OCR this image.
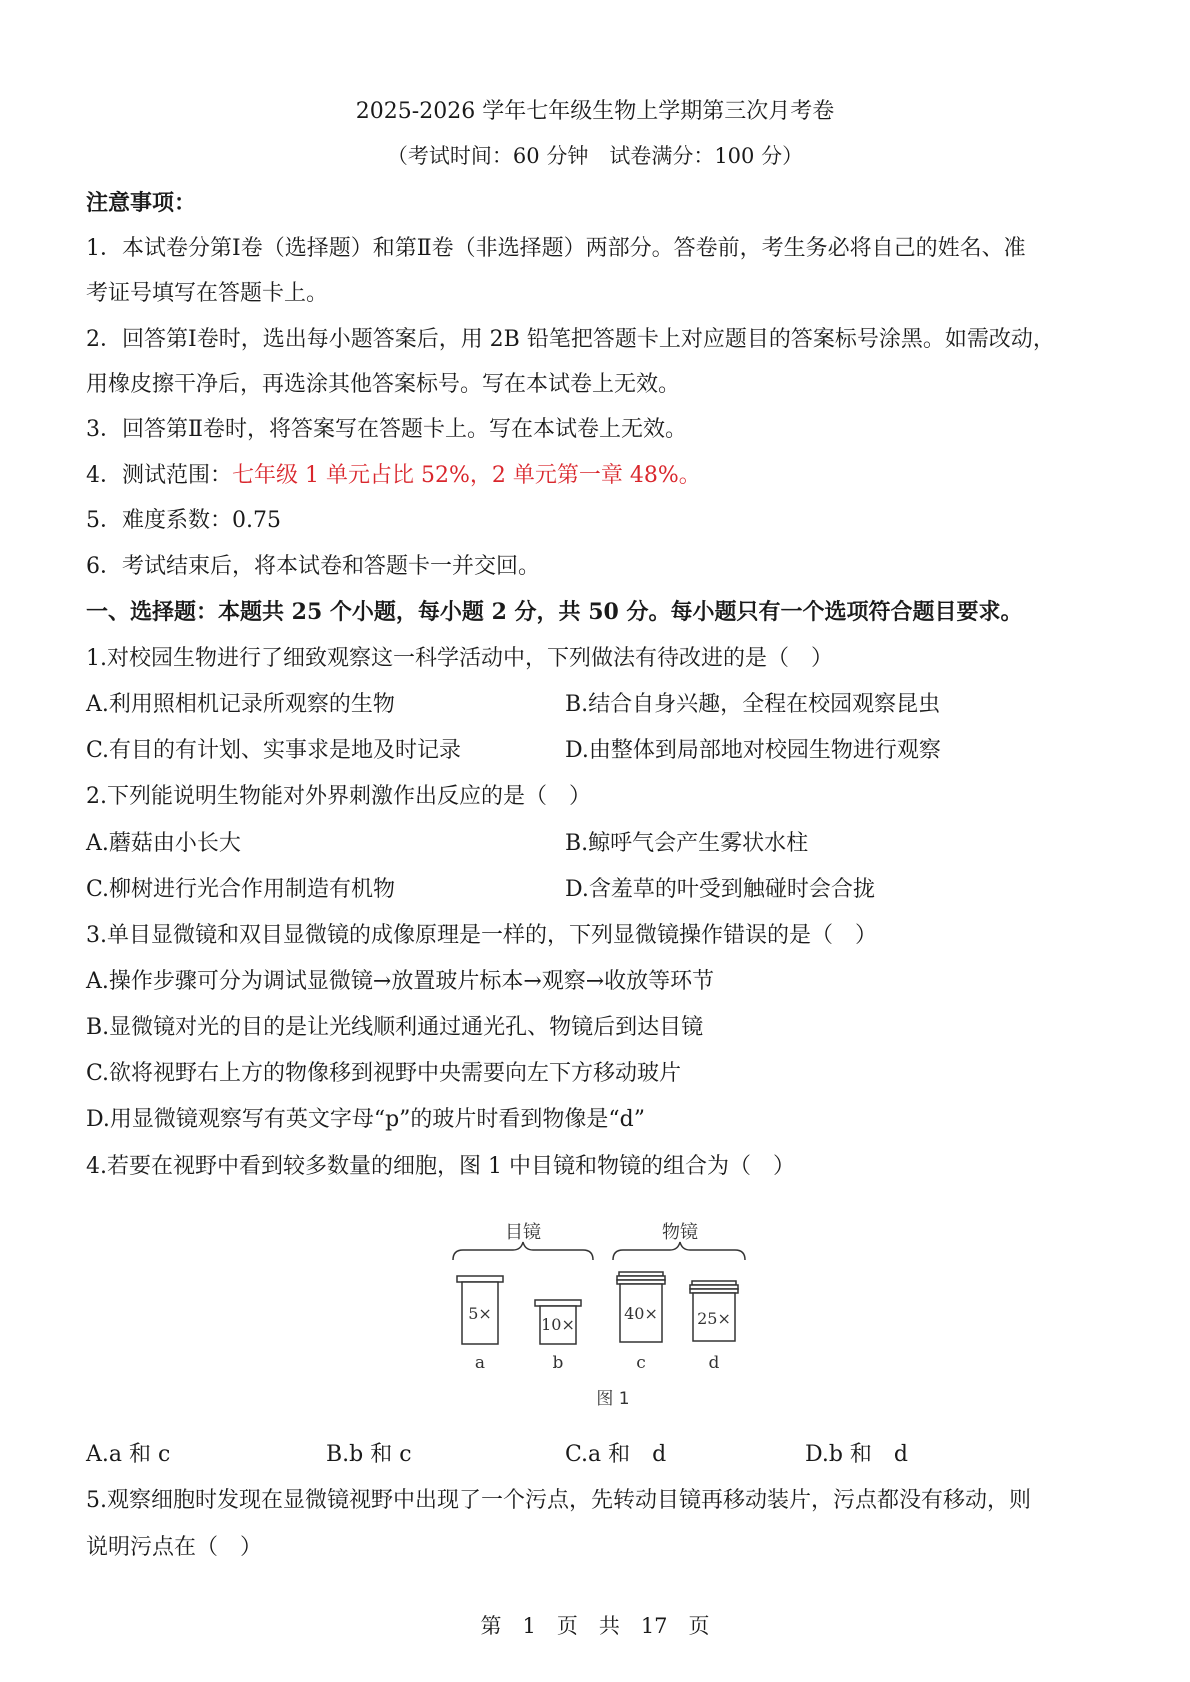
2025-2026 学年七年级生物上学期第三次月考卷
（考试时间：60 分钟　试卷满分：100 分）
注意事项：
1．本试卷分第Ⅰ卷（选择题）和第Ⅱ卷（非选择题）两部分。答卷前，考生务必将自己的姓名、准
考证号填写在答题卡上。
2．回答第Ⅰ卷时，选出每小题答案后，用 2B 铅笔把答题卡上对应题目的答案标号涂黑。如需改动，
用橡皮擦干净后，再选涂其他答案标号。写在本试卷上无效。
3．回答第Ⅱ卷时，将答案写在答题卡上。写在本试卷上无效。
4．测试范围：七年级 1 单元占比 52%，2 单元第一章 48%。
5．难度系数：0.75
6．考试结束后，将本试卷和答题卡一并交回。
一、选择题：本题共 25 个小题，每小题 2 分，共 50 分。每小题只有一个选项符合题目要求。
1.对校园生物进行了细致观察这一科学活动中，下列做法有待改进的是（　）
A.利用照相机记录所观察的生物	B.结合自身兴趣，全程在校园观察昆虫
C.有目的有计划、实事求是地及时记录	D.由整体到局部地对校园生物进行观察
2.下列能说明生物能对外界刺激作出反应的是（　）
A.蘑菇由小长大	B.鲸呼气会产生雾状水柱
C.柳树进行光合作用制造有机物	D.含羞草的叶受到触碰时会合拢
3.单目显微镜和双目显微镜的成像原理是一样的，下列显微镜操作错误的是（　）
A.操作步骤可分为调试显微镜→放置玻片标本→观察→收放等环节
B.显微镜对光的目的是让光线顺利通过通光孔、物镜后到达目镜
C.欲将视野右上方的物像移到视野中央需要向左下方移动玻片
D.用显微镜观察写有英文字母“p”的玻片时看到物像是“d”
4.若要在视野中看到较多数量的细胞，图 1 中目镜和物镜的组合为（　）
目镜	物镜
5×
10×
40× 25×
a	b	c	d
图 1
A.a 和 c	B.b 和 c	C.a 和　d	D.b 和　d
5.观察细胞时发现在显微镜视野中出现了一个污点，先转动目镜再移动装片，污点都没有移动，则
说明污点在（　）
第　1　页　共　17　页
